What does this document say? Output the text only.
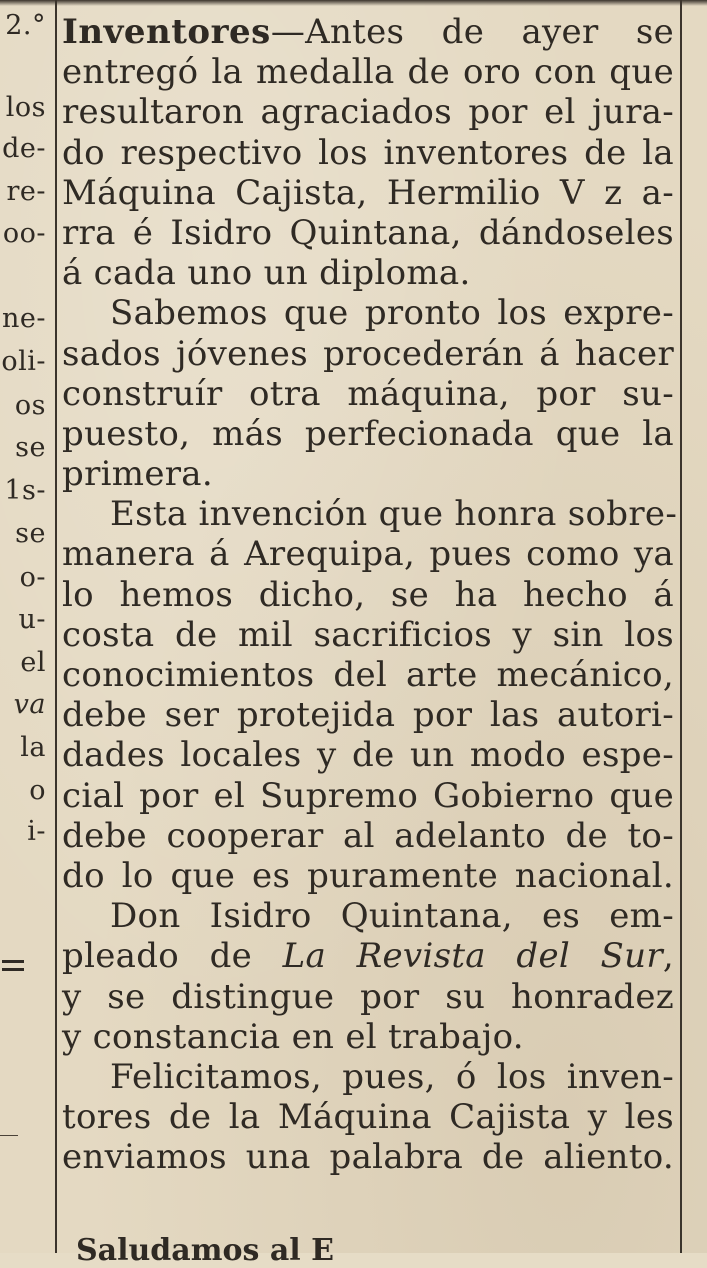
2.°
los
de-
re-
oo-
ne-
oli-
os
se
1s-
se
o-
u-
el
va
la
o
i-
Inventores—Antes de ayer se
entregó la medalla de oro con que
resultaron agraciados por el jura-
do respectivo los inventores de la
Máquina Cajista, Hermilio V z a-
rra é Isidro Quintana, dándoseles
á cada uno un diploma.
Sabemos que pronto los expre-
sados jóvenes procederán á hacer
construír otra máquina, por su-
puesto, más perfecionada que la
primera.
Esta invención que honra sobre-
manera á Arequipa, pues como ya
lo hemos dicho, se ha hecho á
costa de mil sacrificios y sin los
conocimientos del arte mecánico,
debe ser protejida por las autori-
dades locales y de un modo espe-
cial por el Supremo Gobierno que
debe cooperar al adelanto de to-
do lo que es puramente nacional.
Don Isidro Quintana, es em-
pleado de La Revista del Sur,
y se distingue por su honradez
y constancia en el trabajo.
Felicitamos, pues, ó los inven-
tores de la Máquina Cajista y les
enviamos una palabra de aliento.
Saludamos al E
